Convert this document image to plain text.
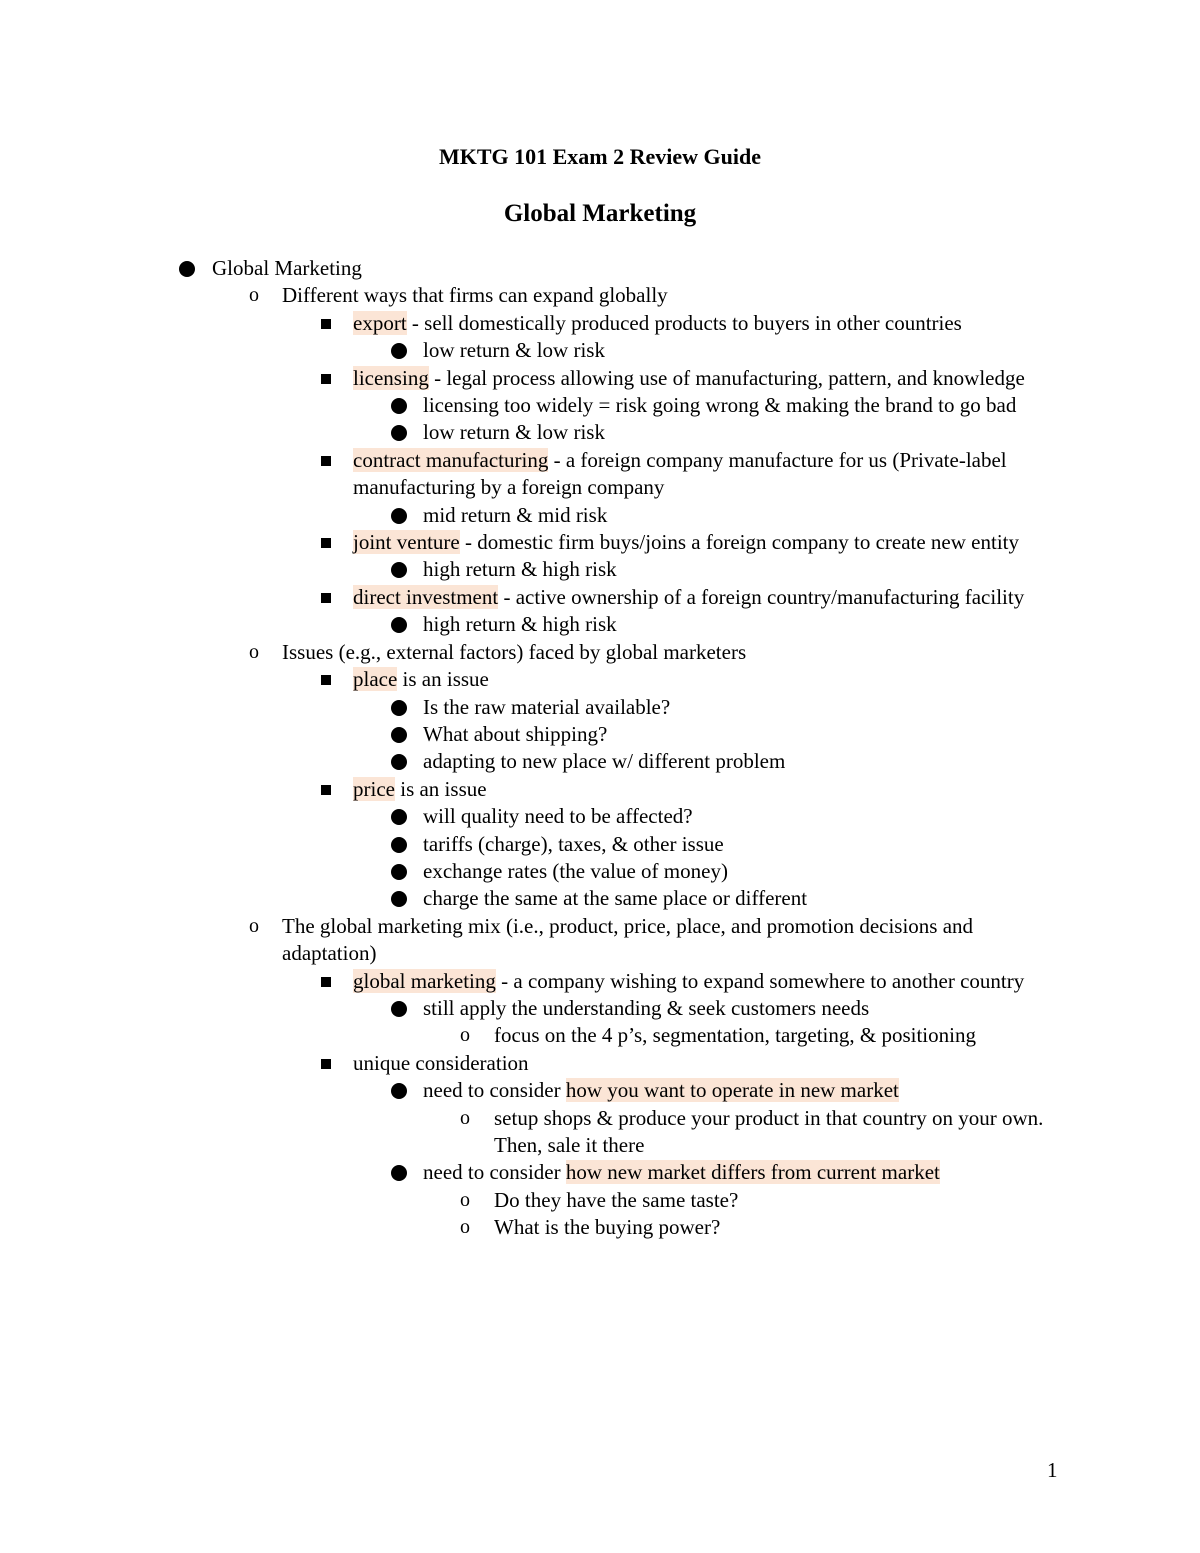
MKTG 101 Exam 2 Review Guide
Global Marketing
Global Marketing
o Different ways that firms can expand globally
export - sell domestically produced products to buyers in other countries
low return & low risk
licensing - legal process allowing use of manufacturing, pattern, and knowledge
licensing too widely = risk going wrong & making the brand to go bad
low return & low risk
contract manufacturing - a foreign company manufacture for us (Private-label manufacturing by a foreign company
mid return & mid risk
joint venture - domestic firm buys/joins a foreign company to create new entity
high return & high risk
direct investment - active ownership of a foreign country/manufacturing facility
high return & high risk
o Issues (e.g., external factors) faced by global marketers
place is an issue
Is the raw material available?
What about shipping?
adapting to new place w/ different problem
price is an issue
will quality need to be affected?
tariffs (charge), taxes, & other issue
exchange rates (the value of money)
charge the same at the same place or different
o The global marketing mix (i.e., product, price, place, and promotion decisions and adaptation)
global marketing - a company wishing to expand somewhere to another country
still apply the understanding & seek customers needs
o focus on the 4 p’s, segmentation, targeting, & positioning
unique consideration
need to consider how you want to operate in new market
o setup shops & produce your product in that country on your own. Then, sale it there
need to consider how new market differs from current market
o Do they have the same taste?
o What is the buying power?
1
